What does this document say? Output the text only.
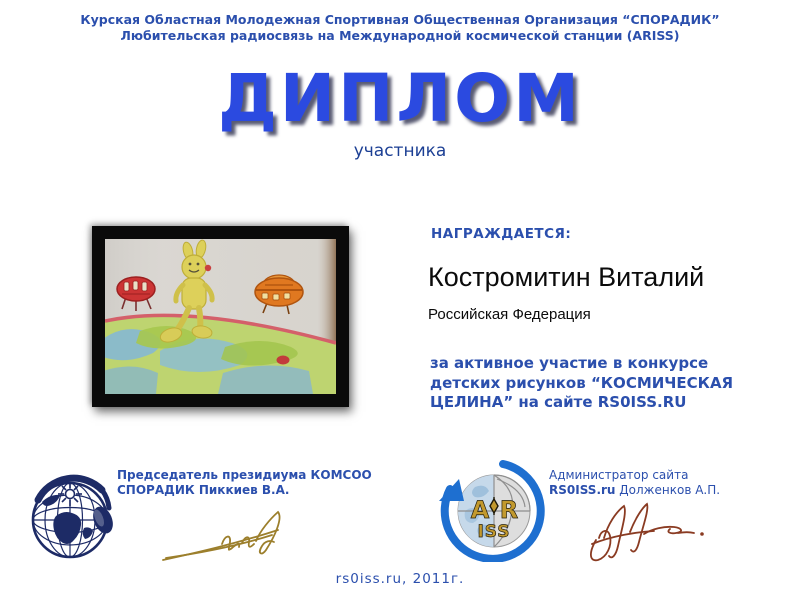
Курская Областная Молодежная Спортивная Общественная Организация “СПОРАДИК”
Любительская радиосвязь на Международной космической станции (ARISS)
ДИПЛОМ
участника
НАГРАЖДАЕТСЯ:
Костромитин Виталий
Российская Федерация
за активное участие в конкурсе детских рисунков “КОСМИЧЕСКАЯ ЦЕЛИНА” на сайте RS0ISS.RU
Председатель президиума КОМСОО
СПОРАДИК Пиккиев В.А.
A R
ISS
Администратор сайта
RS0ISS.ru Долженков А.П.
rs0iss.ru, 2011г.
